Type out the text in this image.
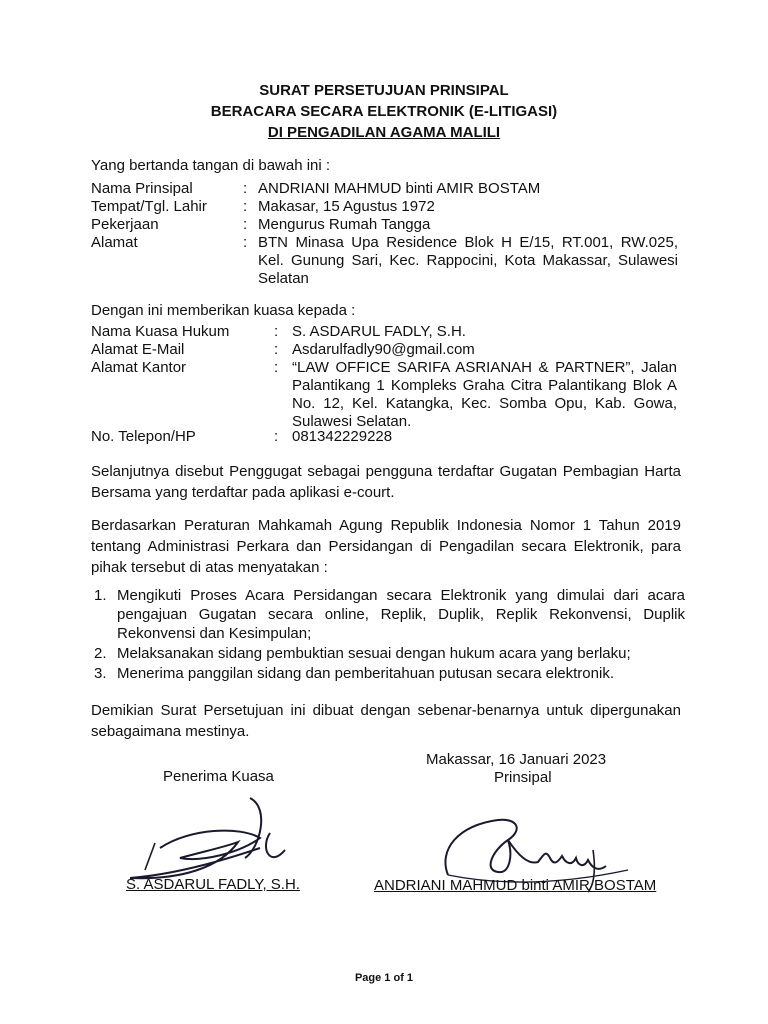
SURAT PERSETUJUAN PRINSIPAL
BERACARA SECARA ELEKTRONIK (E-LITIGASI)
DI PENGADILAN AGAMA MALILI
Yang bertanda tangan di bawah ini :
Nama Prinsipal	: ANDRIANI MAHMUD binti AMIR BOSTAM
Tempat/Tgl. Lahir : Makasar, 15 Agustus 1972
Pekerjaan	: Mengurus Rumah Tangga
Alamat	: BTN Minasa Upa Residence Blok H E/15, RT.001, RW.025, Kel. Gunung Sari, Kec. Rappocini, Kota Makassar, Sulawesi Selatan
Dengan ini memberikan kuasa kepada :
Nama Kuasa Hukum	: S. ASDARUL FADLY, S.H.
Alamat E-Mail	: Asdarulfadly90@gmail.com
Alamat Kantor	: “LAW OFFICE SARIFA ASRIANAH & PARTNER”, Jalan Palantikang 1 Kompleks Graha Citra Palantikang Blok A No. 12, Kel. Katangka, Kec. Somba Opu, Kab. Gowa, Sulawesi Selatan.
No. Telepon/HP	: 081342229228
Selanjutnya disebut Penggugat sebagai pengguna terdaftar Gugatan Pembagian Harta Bersama yang terdaftar pada aplikasi e-court.
Berdasarkan Peraturan Mahkamah Agung Republik Indonesia Nomor 1 Tahun 2019 tentang Administrasi Perkara dan Persidangan di Pengadilan secara Elektronik, para pihak tersebut di atas menyatakan :
1. Mengikuti Proses Acara Persidangan secara Elektronik yang dimulai dari acara pengajuan Gugatan secara online, Replik, Duplik, Replik Rekonvensi, Duplik Rekonvensi dan Kesimpulan;
2. Melaksanakan sidang pembuktian sesuai dengan hukum acara yang berlaku;
3. Menerima panggilan sidang dan pemberitahuan putusan secara elektronik.
Demikian Surat Persetujuan ini dibuat dengan sebenar-benarnya untuk dipergunakan sebagaimana mestinya.
Makassar, 16 Januari 2023
Penerima Kuasa	Prinsipal
S. ASDARUL FADLY, S.H.	ANDRIANI MAHMUD binti AMIR BOSTAM
Page 1 of 1
